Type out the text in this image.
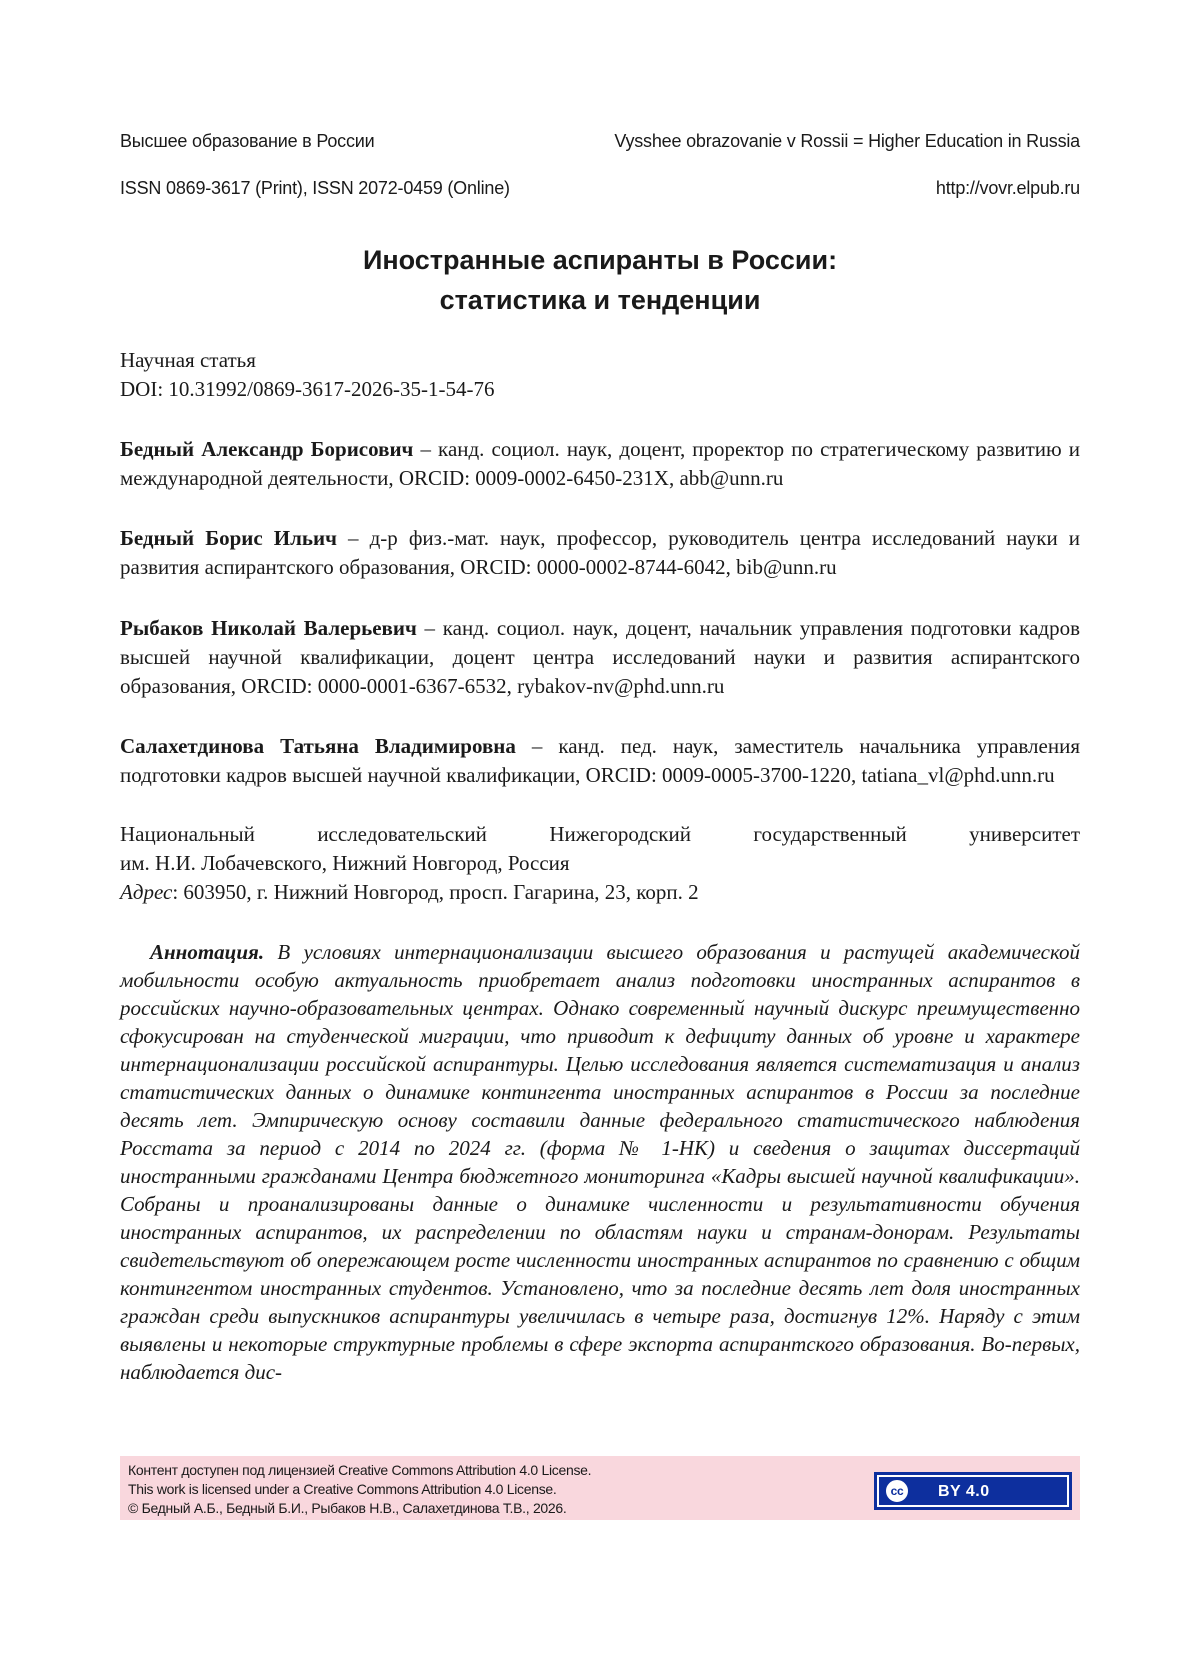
Высшее образование в России	Vysshee obrazovanie v Rossii = Higher Education in Russia
ISSN 0869-3617 (Print), ISSN 2072-0459 (Online)	http://vovr.elpub.ru
Иностранные аспиранты в России:
статистика и тенденции
Научная статья
DOI: 10.31992/0869-3617-2026-35-1-54-76
Бедный Александр Борисович – канд. социол. наук, доцент, проректор по стратегическому развитию и международной деятельности, ORCID: 0009-0002-6450-231X, abb@unn.ru
Бедный Борис Ильич – д-р физ.-мат. наук, профессор, руководитель центра исследований науки и развития аспирантского образования, ORCID: 0000-0002-8744-6042, bib@unn.ru
Рыбаков Николай Валерьевич – канд. социол. наук, доцент, начальник управления подготовки кадров высшей научной квалификации, доцент центра исследований науки и развития аспирантского образования, ORCID: 0000-0001-6367-6532, rybakov-nv@phd.unn.ru
Салахетдинова Татьяна Владимировна – канд. пед. наук, заместитель начальника управления подготовки кадров высшей научной квалификации, ORCID: 0009-0005-3700-1220, tatiana_vl@phd.unn.ru
Национальный исследовательский Нижегородский государственный университет
им. Н.И. Лобачевского, Нижний Новгород, Россия
Адрес: 603950, г. Нижний Новгород, просп. Гагарина, 23, корп. 2

Аннотация. В условиях интернационализации высшего образования и растущей академической мобильности особую актуальность приобретает анализ подготовки иностранных аспирантов в российских научно-образовательных центрах. Однако современный научный дискурс преимущественно сфокусирован на студенческой миграции, что приводит к дефициту данных об уровне и характере интернационализации российской аспирантуры. Целью исследования является систематизация и анализ статистических данных о динамике контингента иностранных аспирантов в России за последние десять лет. Эмпирическую основу составили данные федерального статистического наблюдения Росстата за период с 2014 по 2024 гг. (форма № 1-НК) и сведения о защитах диссертаций иностранными гражданами Центра бюджетного мониторинга «Кадры высшей научной квалификации». Собраны и проанализированы данные о динамике численности и результативности обучения иностранных аспирантов, их распределении по областям науки и странам-донорам. Результаты свидетельствуют об опережающем росте численности иностранных аспирантов по сравнению с общим контингентом иностранных студентов. Установлено, что за последние десять лет доля иностранных граждан среди выпускников аспирантуры увеличилась в четыре раза, достигнув 12%. Наряду с этим выявлены и некоторые структурные проблемы в сфере экспорта аспирантского образования. Во-первых, наблюдается дис-

Контент доступен под лицензией Creative Commons Attribution 4.0 License.
This work is licensed under a Creative Commons Attribution 4.0 License.
© Бедный А.Б., Бедный Б.И., Рыбаков Н.В., Салахетдинова Т.В., 2026.
cc	BY 4.0
